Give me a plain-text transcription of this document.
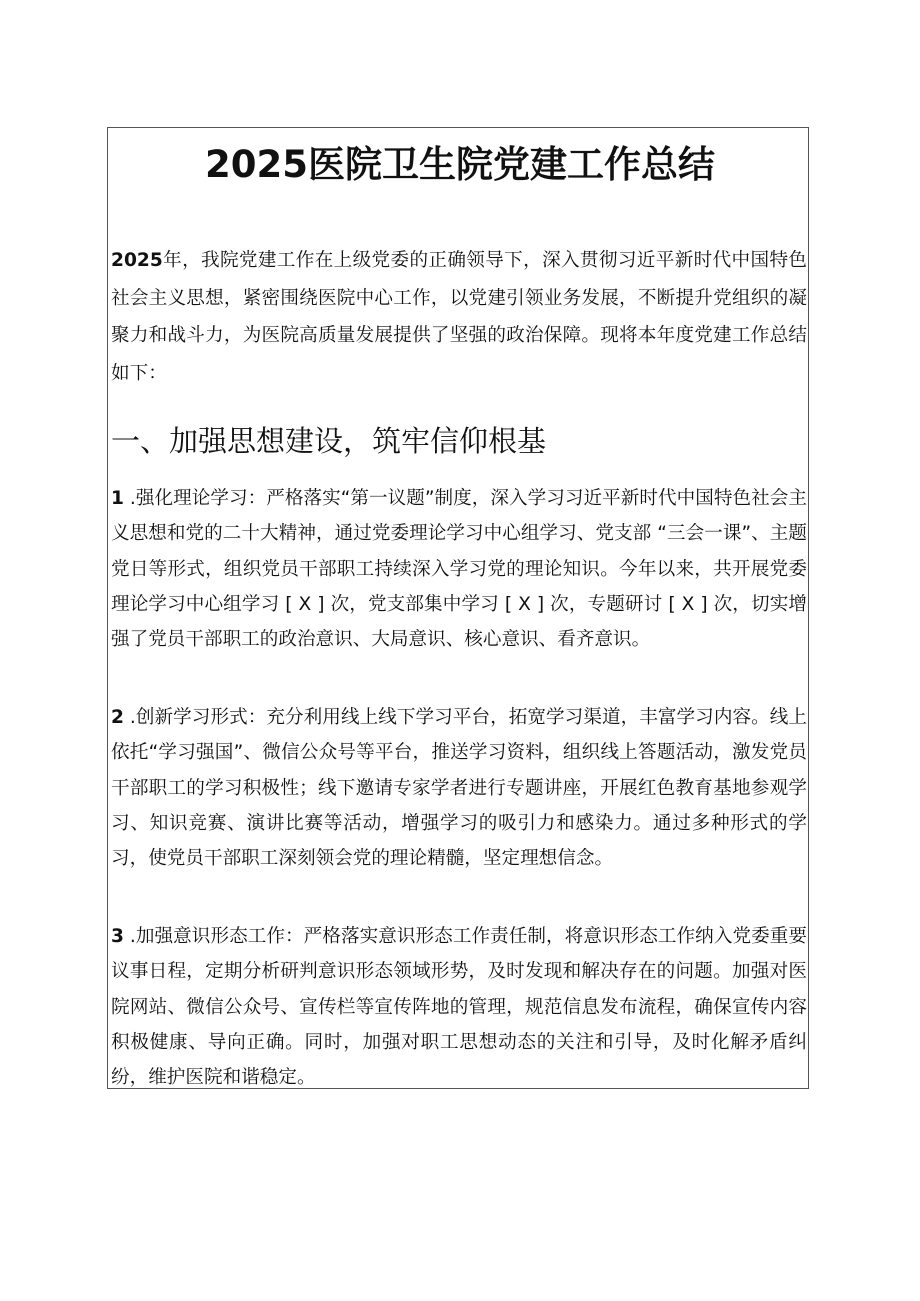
2025医院卫生院党建工作总结

2025年，我院党建工作在上级党委的正确领导下，深入贯彻习近平新时代中国特色社会主义思想，紧密围绕医院中心工作，以党建引领业务发展，不断提升党组织的凝聚力和战斗力，为医院高质量发展提供了坚强的政治保障。现将本年度党建工作总结如下：

一、加强思想建设，筑牢信仰根基

1 .强化理论学习：严格落实“第一议题”制度，深入学习习近平新时代中国特色社会主义思想和党的二十大精神，通过党委理论学习中心组学习、党支部 “三会一课”、主题党日等形式，组织党员干部职工持续深入学习党的理论知识。今年以来，共开展党委理论学习中心组学习 [ X ] 次，党支部集中学习 [ X ] 次，专题研讨 [ X ] 次，切实增强了党员干部职工的政治意识、大局意识、核心意识、看齐意识。

2 .创新学习形式：充分利用线上线下学习平台，拓宽学习渠道，丰富学习内容。线上依托“学习强国”、微信公众号等平台，推送学习资料，组织线上答题活动，激发党员干部职工的学习积极性；线下邀请专家学者进行专题讲座，开展红色教育基地参观学习、知识竞赛、演讲比赛等活动，增强学习的吸引力和感染力。通过多种形式的学习，使党员干部职工深刻领会党的理论精髓，坚定理想信念。

3 .加强意识形态工作：严格落实意识形态工作责任制，将意识形态工作纳入党委重要议事日程，定期分析研判意识形态领域形势，及时发现和解决存在的问题。加强对医院网站、微信公众号、宣传栏等宣传阵地的管理，规范信息发布流程，确保宣传内容积极健康、导向正确。同时，加强对职工思想动态的关注和引导，及时化解矛盾纠纷，维护医院和谐稳定。
